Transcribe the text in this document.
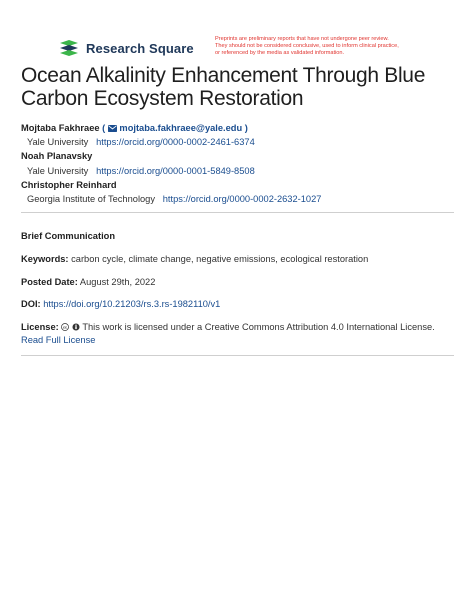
Research Square
Preprints are preliminary reports that have not undergone peer review.
They should not be considered conclusive, used to inform clinical practice,
or referenced by the media as validated information.
Ocean Alkalinity Enhancement Through Blue Carbon Ecosystem Restoration
Mojtaba Fakhraee (  mojtaba.fakhraee@yale.edu )
Yale University https://orcid.org/0000-0002-2461-6374
Noah Planavsky
Yale University https://orcid.org/0000-0001-5849-8508
Christopher Reinhard
Georgia Institute of Technology https://orcid.org/0000-0002-2632-1027
Brief Communication
Keywords: carbon cycle, climate change, negative emissions, ecological restoration
Posted Date: August 29th, 2022
DOI: https://doi.org/10.21203/rs.3.rs-1982110/v1
License: cc This work is licensed under a Creative Commons Attribution 4.0 International License.
Read Full License
